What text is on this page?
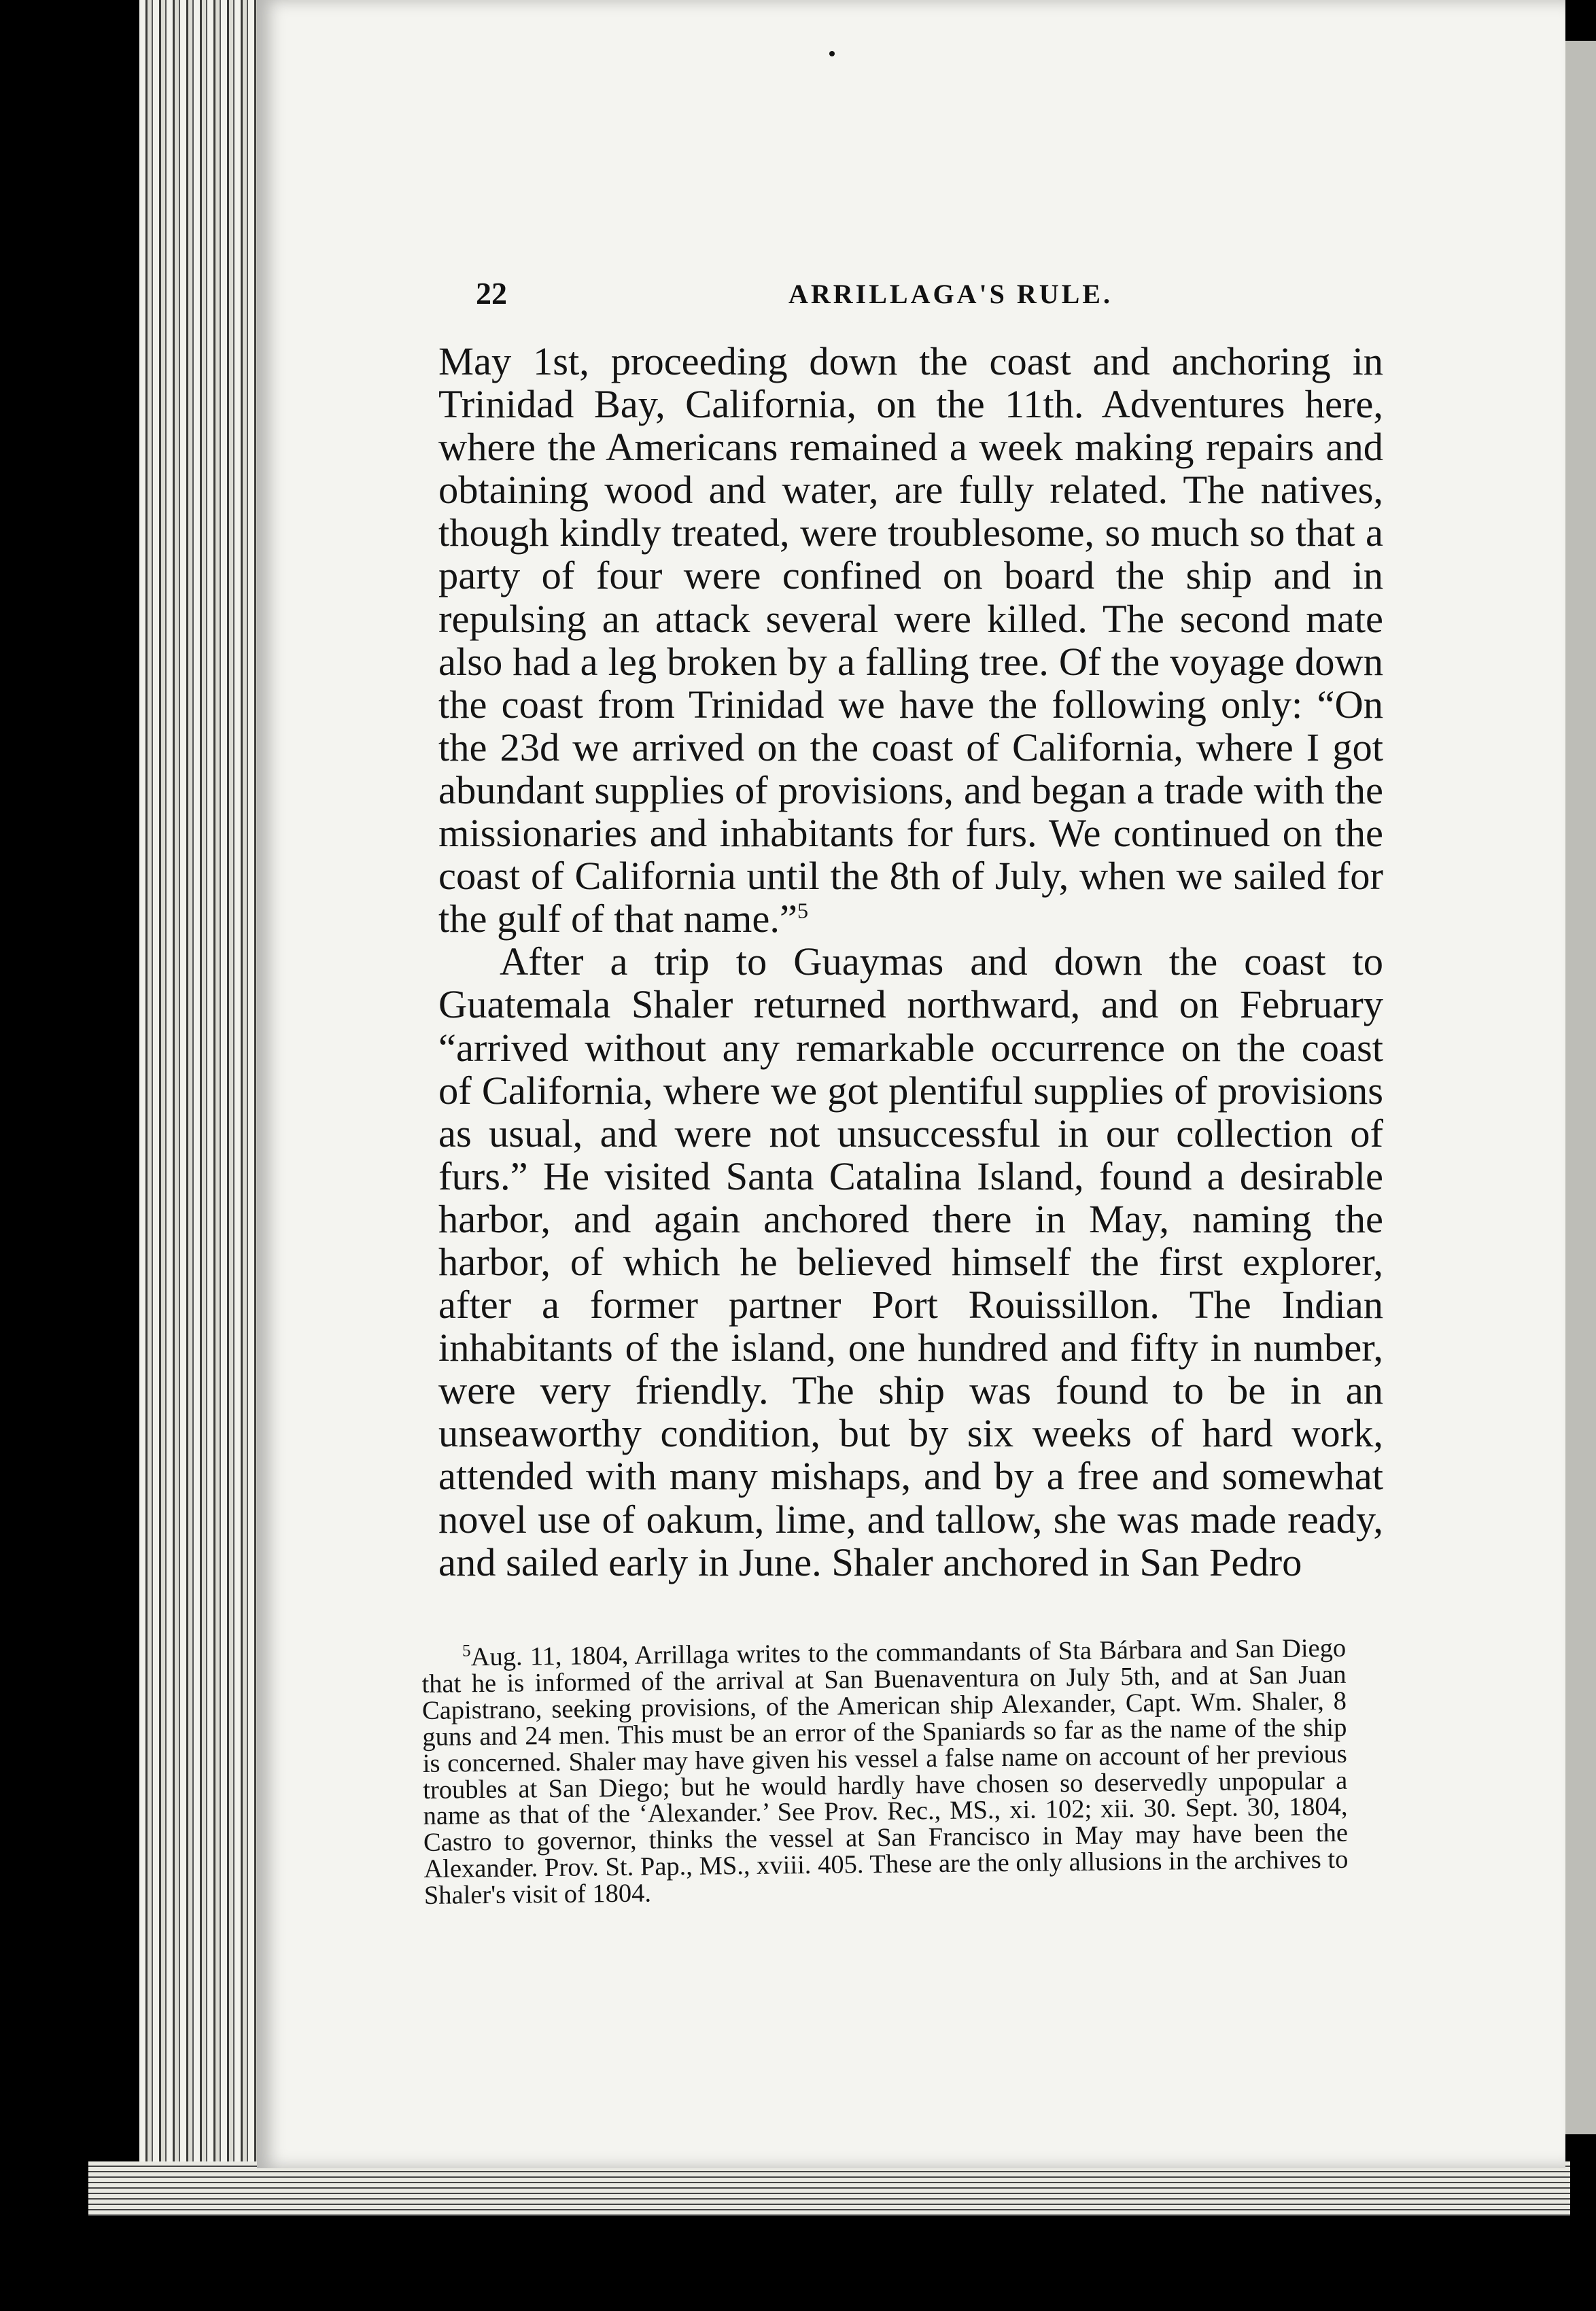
22	ARRILLAGA'S RULE.

May 1st, proceeding down the coast and anchoring in Trinidad Bay, California, on the 11th. Adventures here, where the Americans remained a week making repairs and obtaining wood and water, are fully related. The natives, though kindly treated, were troublesome, so much so that a party of four were confined on board the ship and in repulsing an attack several were killed. The second mate also had a leg broken by a falling tree. Of the voyage down the coast from Trinidad we have the following only: “On the 23d we arrived on the coast of California, where I got abundant supplies of provisions, and began a trade with the missionaries and inhabitants for furs. We continued on the coast of California until the 8th of July, when we sailed for the gulf of that name.”$^5$

After a trip to Guaymas and down the coast to Guatemala Shaler returned northward, and on February “arrived without any remarkable occurrence on the coast of California, where we got plentiful supplies of provisions as usual, and were not unsuccessful in our collection of furs.” He visited Santa Catalina Island, found a desirable harbor, and again anchored there in May, naming the harbor, of which he believed himself the first explorer, after a former partner Port Rouissillon. The Indian inhabitants of the island, one hundred and fifty in number, were very friendly. The ship was found to be in an unseaworthy condition, but by six weeks of hard work, attended with many mishaps, and by a free and somewhat novel use of oakum, lime, and tallow, she was made ready, and sailed early in June. Shaler anchored in San Pedro

$^5$Aug. 11, 1804, Arrillaga writes to the commandants of Sta Bárbara and San Diego that he is informed of the arrival at San Buenaventura on July 5th, and at San Juan Capistrano, seeking provisions, of the American ship Alexander, Capt. Wm. Shaler, 8 guns and 24 men. This must be an error of the Spaniards so far as the name of the ship is concerned. Shaler may have given his vessel a false name on account of her previous troubles at San Diego; but he would hardly have chosen so deservedly unpopular a name as that of the ‘Alexander.’ See Prov. Rec., MS., xi. 102; xii. 30. Sept. 30, 1804, Castro to governor, thinks the vessel at San Francisco in May may have been the Alexander. Prov. St. Pap., MS., xviii. 405. These are the only allusions in the archives to Shaler's visit of 1804.
